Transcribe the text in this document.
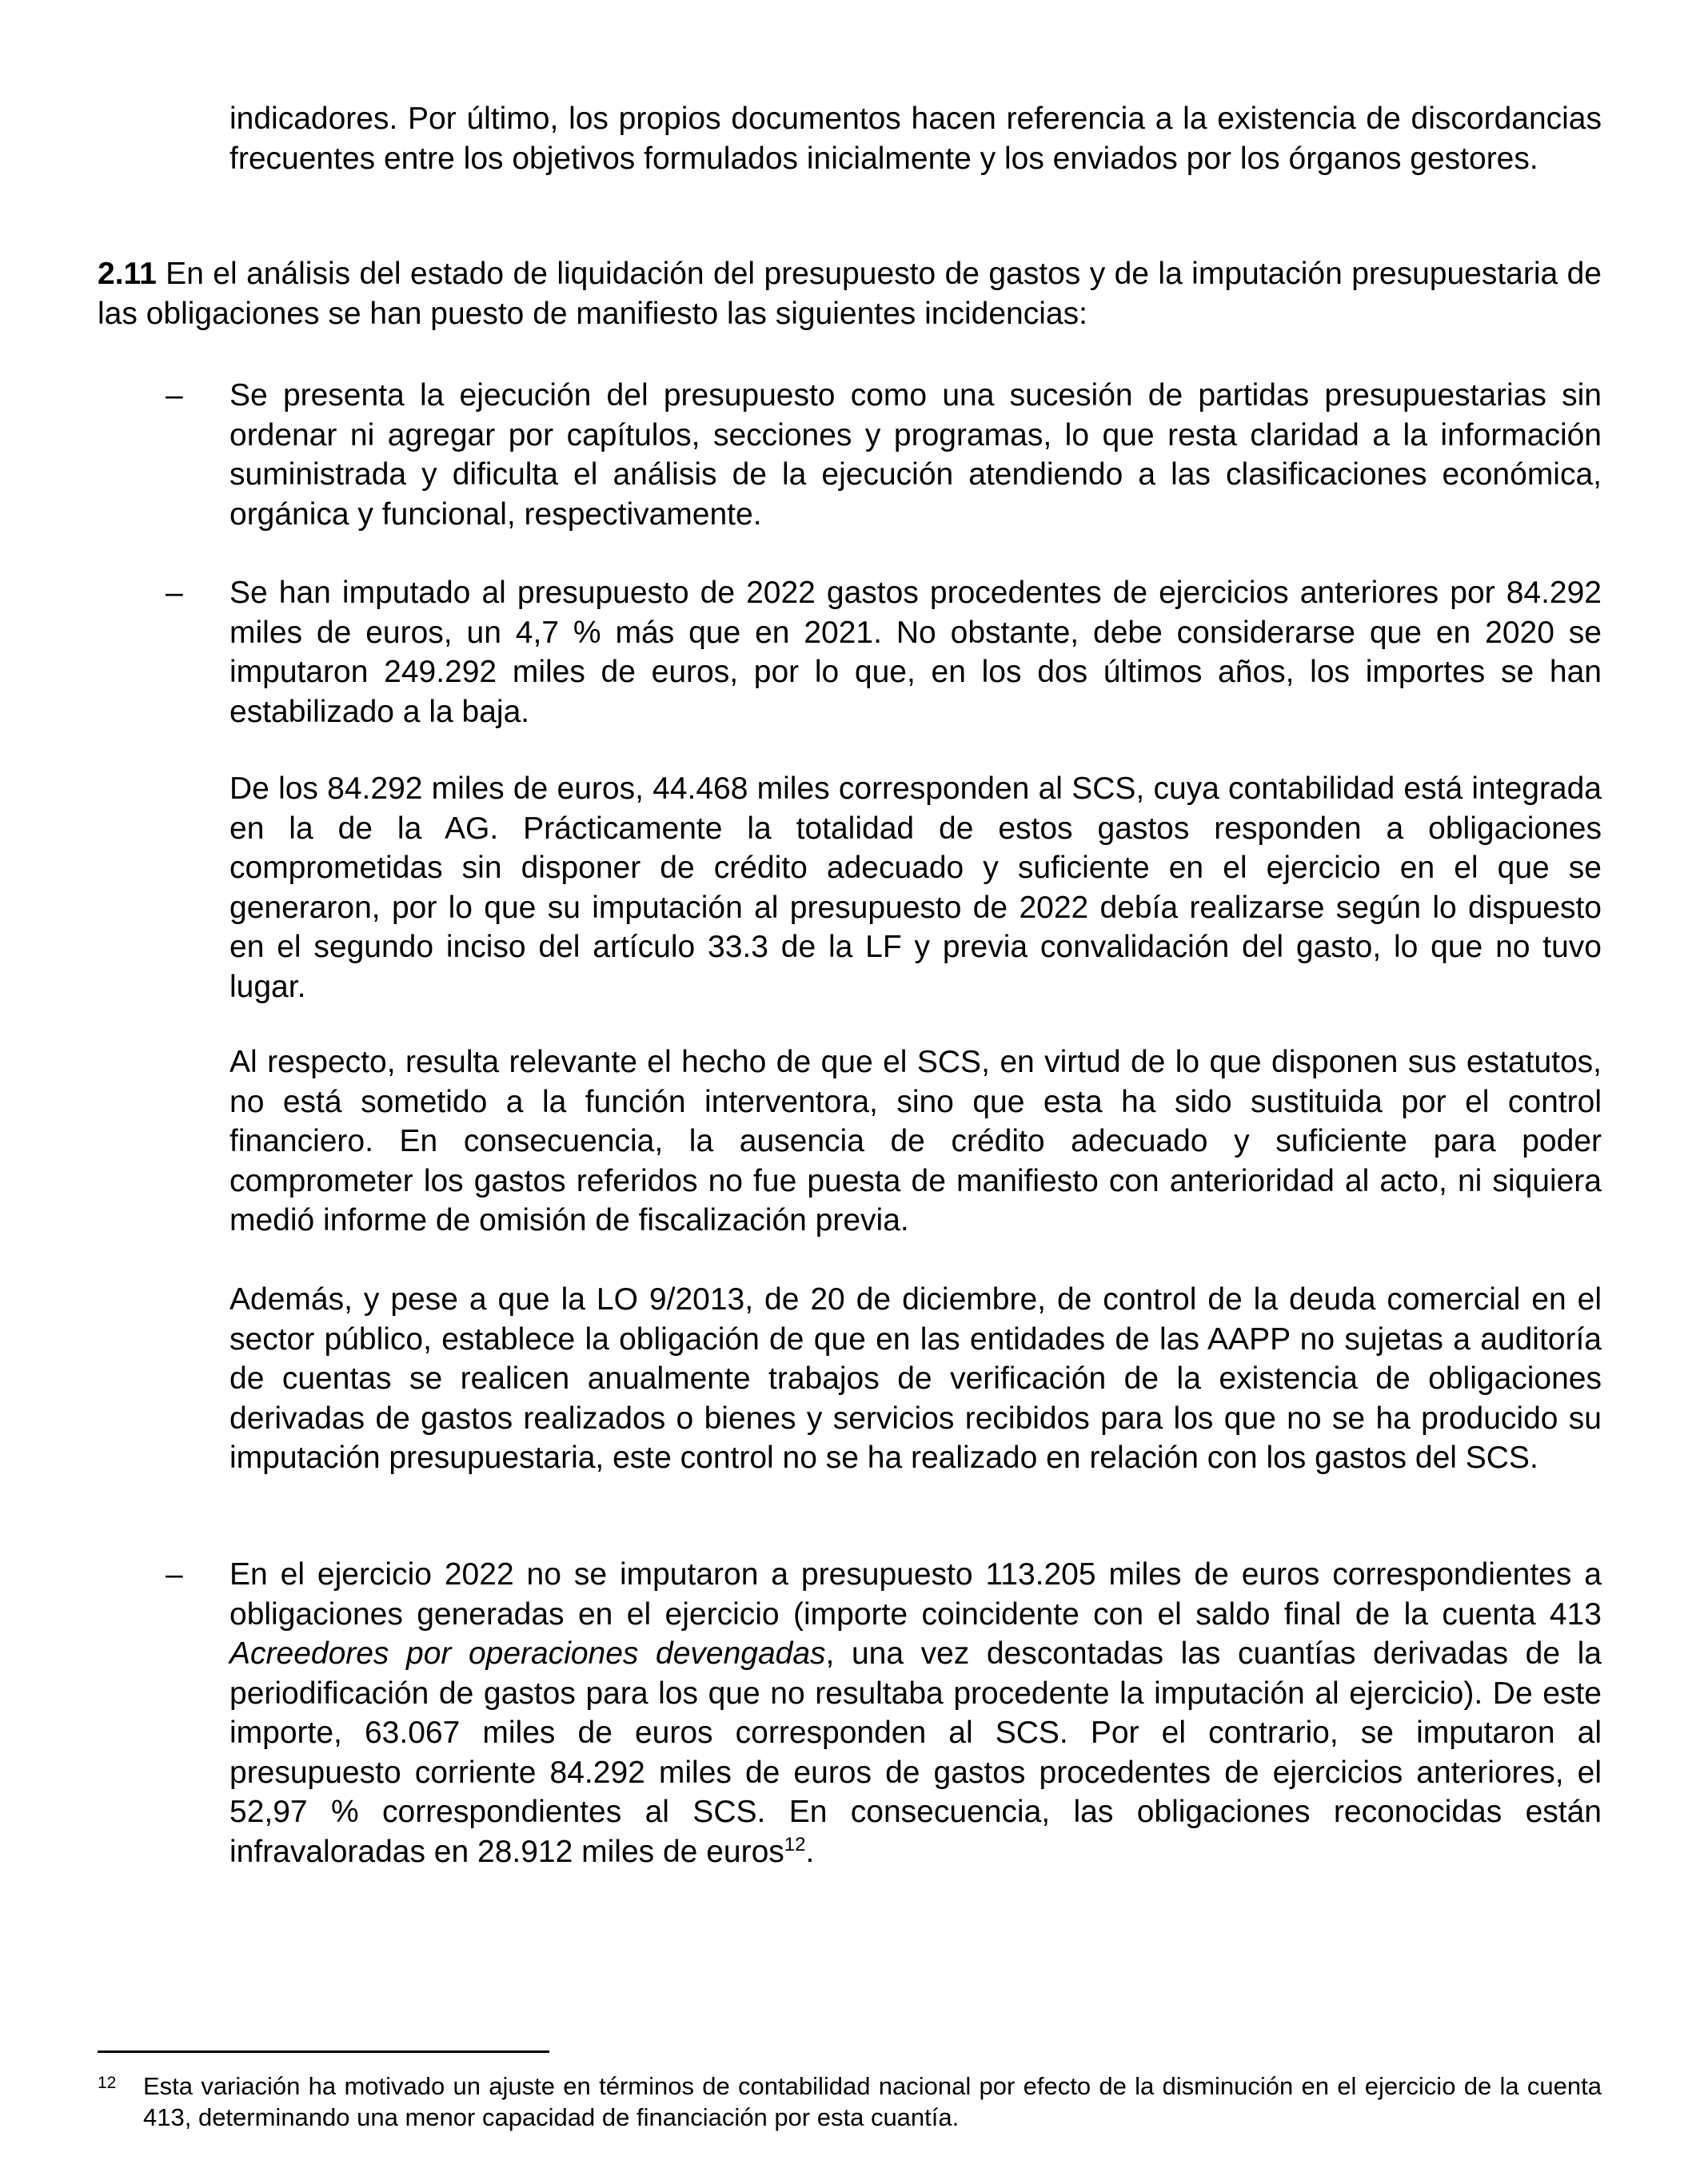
indicadores. Por último, los propios documentos hacen referencia a la existencia de discordancias frecuentes entre los objetivos formulados inicialmente y los enviados por los órganos gestores.

2.11 En el análisis del estado de liquidación del presupuesto de gastos y de la imputación presupuestaria de las obligaciones se han puesto de manifiesto las siguientes incidencias:

– Se presenta la ejecución del presupuesto como una sucesión de partidas presupuestarias sin ordenar ni agregar por capítulos, secciones y programas, lo que resta claridad a la información suministrada y dificulta el análisis de la ejecución atendiendo a las clasificaciones económica, orgánica y funcional, respectivamente.

– Se han imputado al presupuesto de 2022 gastos procedentes de ejercicios anteriores por 84.292 miles de euros, un 4,7 % más que en 2021. No obstante, debe considerarse que en 2020 se imputaron 249.292 miles de euros, por lo que, en los dos últimos años, los importes se han estabilizado a la baja.

De los 84.292 miles de euros, 44.468 miles corresponden al SCS, cuya contabilidad está integrada en la de la AG. Prácticamente la totalidad de estos gastos responden a obligaciones comprometidas sin disponer de crédito adecuado y suficiente en el ejercicio en el que se generaron, por lo que su imputación al presupuesto de 2022 debía realizarse según lo dispuesto en el segundo inciso del artículo 33.3 de la LF y previa convalidación del gasto, lo que no tuvo lugar.

Al respecto, resulta relevante el hecho de que el SCS, en virtud de lo que disponen sus estatutos, no está sometido a la función interventora, sino que esta ha sido sustituida por el control financiero. En consecuencia, la ausencia de crédito adecuado y suficiente para poder comprometer los gastos referidos no fue puesta de manifiesto con anterioridad al acto, ni siquiera medió informe de omisión de fiscalización previa.

Además, y pese a que la LO 9/2013, de 20 de diciembre, de control de la deuda comercial en el sector público, establece la obligación de que en las entidades de las AAPP no sujetas a auditoría de cuentas se realicen anualmente trabajos de verificación de la existencia de obligaciones derivadas de gastos realizados o bienes y servicios recibidos para los que no se ha producido su imputación presupuestaria, este control no se ha realizado en relación con los gastos del SCS.

– En el ejercicio 2022 no se imputaron a presupuesto 113.205 miles de euros correspondientes a obligaciones generadas en el ejercicio (importe coincidente con el saldo final de la cuenta 413 Acreedores por operaciones devengadas, una vez descontadas las cuantías derivadas de la periodificación de gastos para los que no resultaba procedente la imputación al ejercicio). De este importe, 63.067 miles de euros corresponden al SCS. Por el contrario, se imputaron al presupuesto corriente 84.292 miles de euros de gastos procedentes de ejercicios anteriores, el 52,97 % correspondientes al SCS. En consecuencia, las obligaciones reconocidas están infravaloradas en 28.912 miles de euros$^{12}$.

12 Esta variación ha motivado un ajuste en términos de contabilidad nacional por efecto de la disminución en el ejercicio de la cuenta 413, determinando una menor capacidad de financiación por esta cuantía.
